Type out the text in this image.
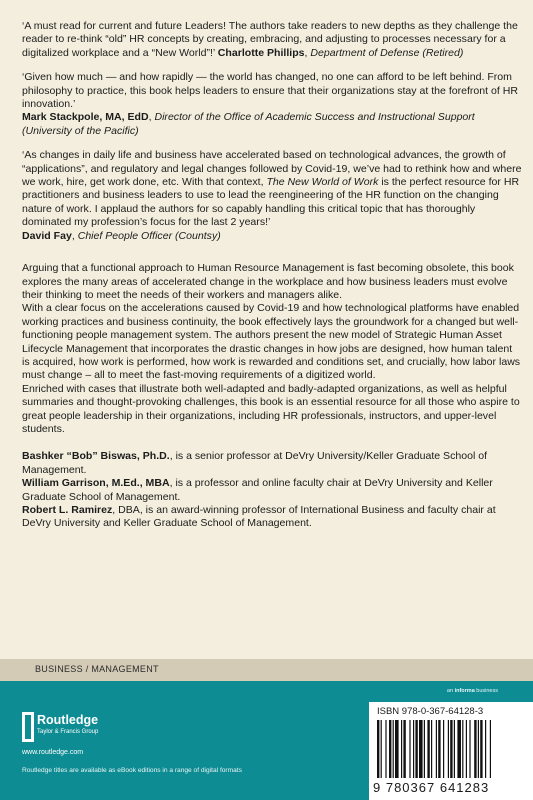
‘A must read for current and future Leaders! The authors take readers to new depths as they challenge the reader to re-think “old” HR concepts by creating, embracing, and adjusting to processes necessary for a digitalized workplace and a “New World”!’ Charlotte Phillips, Department of Defense (Retired)

‘Given how much — and how rapidly — the world has changed, no one can afford to be left behind. From philosophy to practice, this book helps leaders to ensure that their organizations stay at the forefront of HR innovation.’

Mark Stackpole, MA, EdD, Director of the Office of Academic Success and Instructional Support (University of the Pacific)

‘As changes in daily life and business have accelerated based on technological advances, the growth of “applications”, and regulatory and legal changes followed by Covid-19, we’ve had to rethink how and where we work, hire, get work done, etc. With that context, The New World of Work is the perfect resource for HR practitioners and business leaders to use to lead the reengineering of the HR function on the changing nature of work. I applaud the authors for so capably handling this critical topic that has thoroughly dominated my profession’s focus for the last 2 years!’

David Fay, Chief People Officer (Countsy)

Arguing that a functional approach to Human Resource Management is fast becoming obsolete, this book explores the many areas of accelerated change in the workplace and how business leaders must evolve their thinking to meet the needs of their workers and managers alike.

With a clear focus on the accelerations caused by Covid-19 and how technological platforms have enabled working practices and business continuity, the book effectively lays the groundwork for a changed but well-functioning people management system. The authors present the new model of Strategic Human Asset Lifecycle Management that incorporates the drastic changes in how jobs are designed, how human talent is acquired, how work is performed, how work is rewarded and conditions set, and crucially, how labor laws must change – all to meet the fast-moving requirements of a digitized world.

Enriched with cases that illustrate both well-adapted and badly-adapted organizations, as well as helpful summaries and thought-provoking challenges, this book is an essential resource for all those who aspire to great people leadership in their organizations, including HR professionals, instructors, and upper-level students.

Bashker “Bob” Biswas, Ph.D., is a senior professor at DeVry University/Keller Graduate School of Management.

William Garrison, M.Ed., MBA, is a professor and online faculty chair at DeVry University and Keller Graduate School of Management.

Robert L. Ramirez, DBA, is an award-winning professor of International Business and faculty chair at DeVry University and Keller Graduate School of Management.

BUSINESS / MANAGEMENT
an informa business
Routledge
Taylor & Francis Group
www.routledge.com
Routledge titles are available as eBook editions in a range of digital formats
ISBN 978-0-367-64128-3
9 780367 641283
